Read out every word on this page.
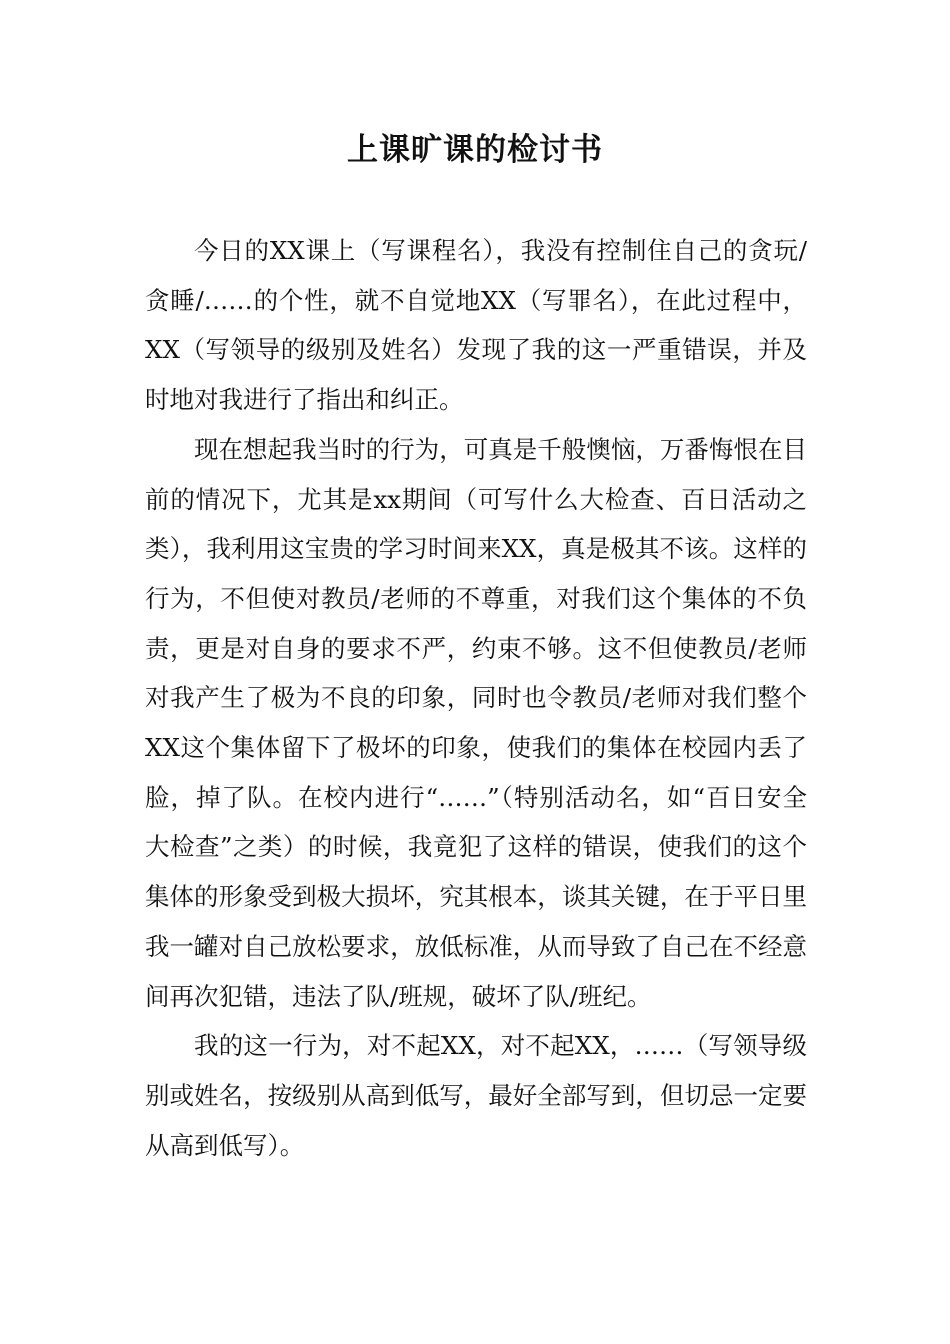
上课旷课的检讨书

今日的XX课上（写课程名），我没有控制住自己的贪玩/贪睡/……的个性，就不自觉地XX（写罪名），在此过程中，XX（写领导的级别及姓名）发现了我的这一严重错误，并及时地对我进行了指出和纠正。

现在想起我当时的行为，可真是千般懊恼，万番悔恨在目前的情况下，尤其是xx期间（可写什么大检查、百日活动之类），我利用这宝贵的学习时间来XX，真是极其不该。这样的行为，不但使对教员/老师的不尊重，对我们这个集体的不负责，更是对自身的要求不严，约束不够。这不但使教员/老师对我产生了极为不良的印象，同时也令教员/老师对我们整个XX这个集体留下了极坏的印象，使我们的集体在校园内丢了脸，掉了队。在校内进行“……”（特别活动名，如“百日安全大检查”之类）的时候，我竟犯了这样的错误，使我们的这个集体的形象受到极大损坏，究其根本，谈其关键，在于平日里我一罐对自己放松要求，放低标准，从而导致了自己在不经意间再次犯错，违法了队/班规，破坏了队/班纪。

我的这一行为，对不起XX，对不起XX，……（写领导级别或姓名，按级别从高到低写，最好全部写到，但切忌一定要从高到低写）。
